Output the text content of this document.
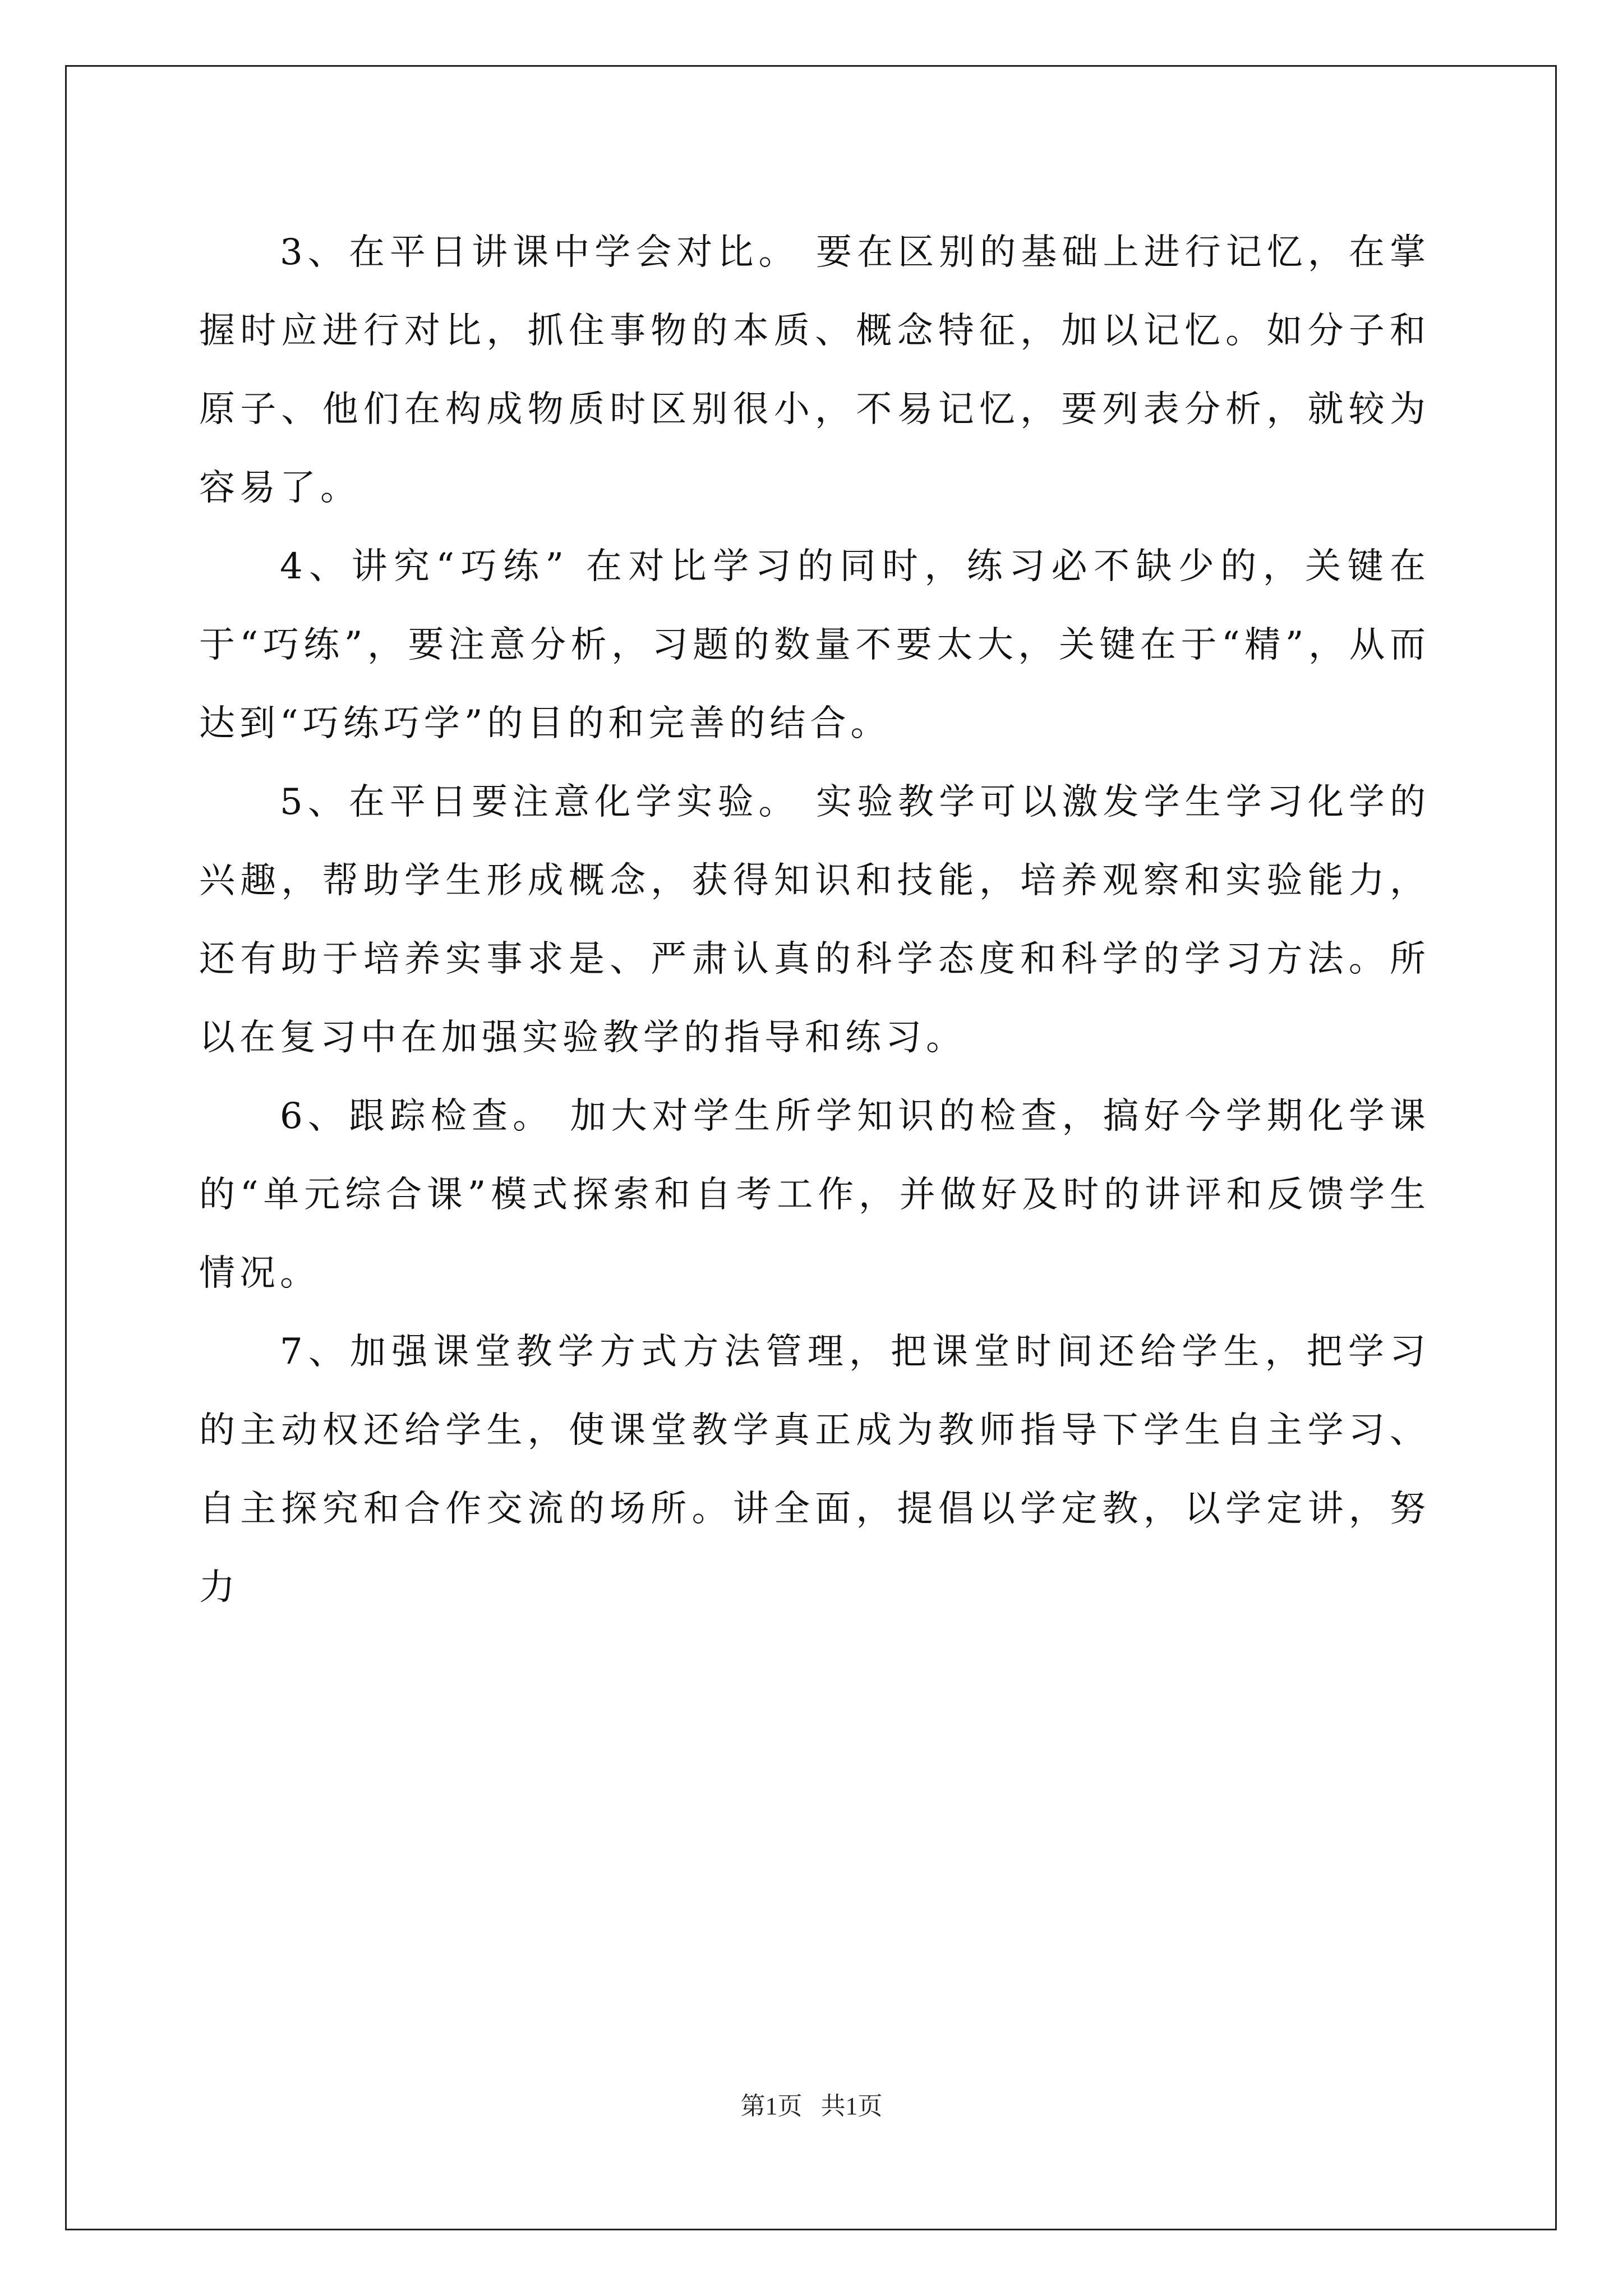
3、在平日讲课中学会对比。 要在区别的基础上进行记忆，在掌握时应进行对比，抓住事物的本质、概念特征，加以记忆。如分子和原子、他们在构成物质时区别很小，不易记忆，要列表分析，就较为容易了。

4、讲究“巧练” 在对比学习的同时，练习必不缺少的，关键在于“巧练”，要注意分析，习题的数量不要太大，关键在于“精”，从而达到“巧练巧学”的目的和完善的结合。

5、在平日要注意化学实验。 实验教学可以激发学生学习化学的兴趣，帮助学生形成概念，获得知识和技能，培养观察和实验能力，还有助于培养实事求是、严肃认真的科学态度和科学的学习方法。所以在复习中在加强实验教学的指导和练习。

6、跟踪检查。 加大对学生所学知识的检查，搞好今学期化学课的“单元综合课”模式探索和自考工作，并做好及时的讲评和反馈学生情况。

7、加强课堂教学方式方法管理，把课堂时间还给学生，把学习的主动权还给学生，使课堂教学真正成为教师指导下学生自主学习、自主探究和合作交流的场所。讲全面，提倡以学定教，以学定讲，努力

第1页   共1页
